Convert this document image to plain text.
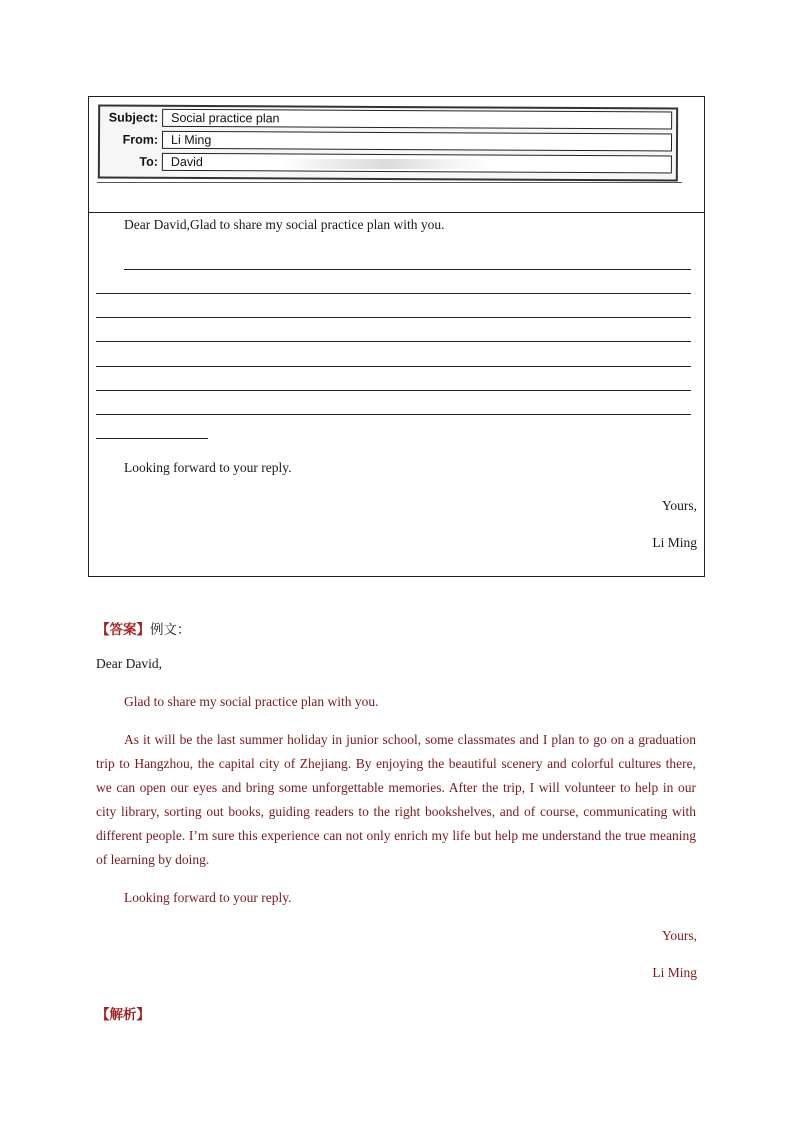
Subject:	Social practice plan
From:	Li Ming
To:	David
Dear David,Glad to share my social practice plan with you.
Looking forward to your reply.
Yours,
Li Ming
【答案】例文：
Dear David,
Glad to share my social practice plan with you.
As it will be the last summer holiday in junior school, some classmates and I plan to go on a graduation trip to Hangzhou, the capital city of Zhejiang. By enjoying the beautiful scenery and colorful cultures there, we can open our eyes and bring some unforgettable memories. After the trip, I will volunteer to help in our city library, sorting out books, guiding readers to the right bookshelves, and of course, communicating with different people. I’m sure this experience can not only enrich my life but help me understand the true meaning of learning by doing.
Looking forward to your reply.
Yours,
Li Ming
【解析】
